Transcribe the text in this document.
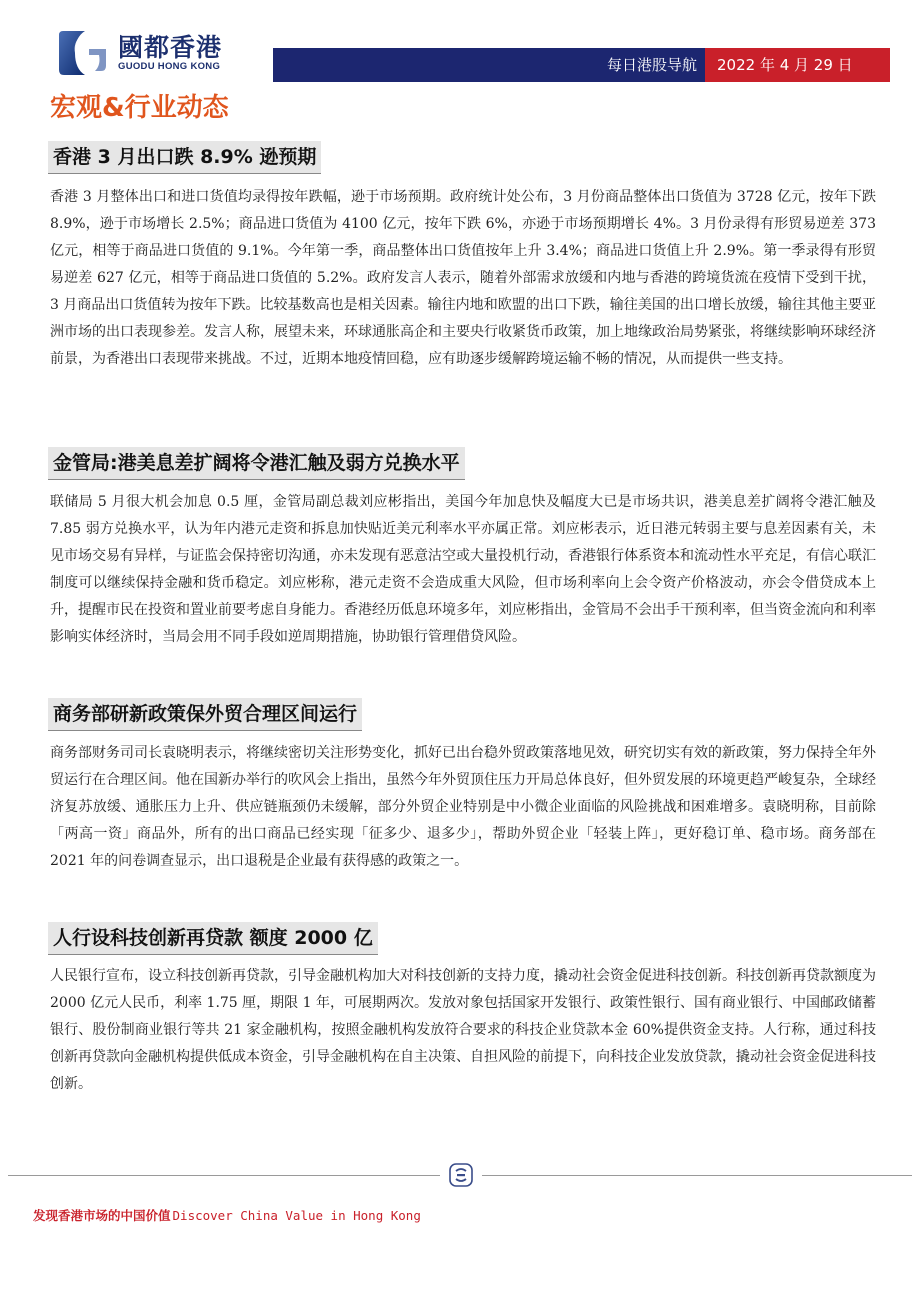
國都香港
GUODU HONG KONG	每日港股导航	2022 年 4 月 29 日
宏观&行业动态
香港 3 月出口跌 8.9% 逊预期

香港 3 月整体出口和进口货值均录得按年跌幅，逊于市场预期。政府统计处公布，3 月份商品整体出口货值为 3728 亿元，按年下跌 8.9%，逊于市场增长 2.5%；商品进口货值为 4100 亿元，按年下跌 6%，亦逊于市场预期增长 4%。3 月份录得有形贸易逆差 373 亿元，相等于商品进口货值的 9.1%。今年第一季，商品整体出口货值按年上升 3.4%；商品进口货值上升 2.9%。第一季录得有形贸易逆差 627 亿元，相等于商品进口货值的 5.2%。政府发言人表示，随着外部需求放缓和内地与香港的跨境货流在疫情下受到干扰，3 月商品出口货值转为按年下跌。比较基数高也是相关因素。输往内地和欧盟的出口下跌，输往美国的出口增长放缓，输往其他主要亚洲市场的出口表现参差。发言人称，展望未来，环球通胀高企和主要央行收紧货币政策，加上地缘政治局势紧张，将继续影响环球经济前景，为香港出口表现带来挑战。不过，近期本地疫情回稳，应有助逐步缓解跨境运输不畅的情况，从而提供一些支持。

金管局:港美息差扩阔将令港汇触及弱方兑换水平

联储局 5 月很大机会加息 0.5 厘，金管局副总裁刘应彬指出，美国今年加息快及幅度大已是市场共识，港美息差扩阔将令港汇触及 7.85 弱方兑换水平，认为年内港元走资和拆息加快贴近美元利率水平亦属正常。刘应彬表示，近日港元转弱主要与息差因素有关，未见市场交易有异样，与证监会保持密切沟通，亦未发现有恶意沽空或大量投机行动，香港银行体系资本和流动性水平充足，有信心联汇制度可以继续保持金融和货币稳定。刘应彬称，港元走资不会造成重大风险，但市场利率向上会令资产价格波动，亦会令借贷成本上升，提醒市民在投资和置业前要考虑自身能力。香港经历低息环境多年，刘应彬指出，金管局不会出手干预利率，但当资金流向和利率影响实体经济时，当局会用不同手段如逆周期措施，协助银行管理借贷风险。

商务部研新政策保外贸合理区间运行

商务部财务司司长袁晓明表示，将继续密切关注形势变化，抓好已出台稳外贸政策落地见效，研究切实有效的新政策，努力保持全年外贸运行在合理区间。他在国新办举行的吹风会上指出，虽然今年外贸顶住压力开局总体良好，但外贸发展的环境更趋严峻复杂，全球经济复苏放缓、通胀压力上升、供应链瓶颈仍未缓解，部分外贸企业特别是中小微企业面临的风险挑战和困难增多。袁晓明称，目前除「两高一资」商品外，所有的出口商品已经实现「征多少、退多少」，帮助外贸企业「轻装上阵」，更好稳订单、稳市场。商务部在 2021 年的问卷调查显示，出口退税是企业最有获得感的政策之一。

人行设科技创新再贷款 额度 2000 亿

人民银行宣布，设立科技创新再贷款，引导金融机构加大对科技创新的支持力度，撬动社会资金促进科技创新。科技创新再贷款额度为 2000 亿元人民币，利率 1.75 厘，期限 1 年，可展期两次。发放对象包括国家开发银行、政策性银行、国有商业银行、中国邮政储蓄银行、股份制商业银行等共 21 家金融机构，按照金融机构发放符合要求的科技企业贷款本金 60%提供资金支持。人行称，通过科技创新再贷款向金融机构提供低成本资金，引导金融机构在自主决策、自担风险的前提下，向科技企业发放贷款，撬动社会资金促进科技创新。

发现香港市场的中国价值 Discover China Value in Hong Kong
